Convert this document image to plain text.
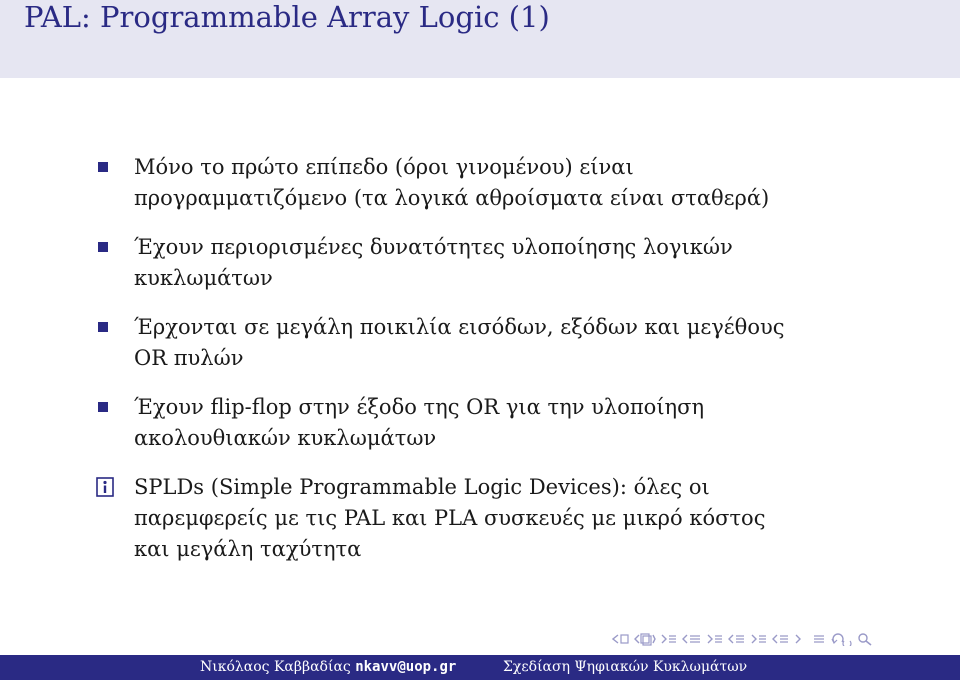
PAL: Programmable Array Logic (1)
Μόνο το πρώτο επίπεδο (όροι γινομένου) είναι
προγραμματιζόμενο (τα λογικά αθροίσματα είναι σταθερά)
Έχουν περιορισμένες δυνατότητες υλοποίησης λογικών
κυκλωμάτων
Έρχονται σε μεγάλη ποικιλία εισόδων, εξόδων και μεγέθους
OR πυλών
Έχουν flip-flop στην έξοδο της OR για την υλοποίηση
ακολουθιακών κυκλωμάτων
SPLDs (Simple Programmable Logic Devices): όλες οι
παρεμφερείς με τις PAL και PLA συσκευές με μικρό κόστος
και μεγάλη ταχύτητα
Νικόλαος Καββαδίας nkavv@uop.gr	Σχεδίαση Ψηφιακών Κυκλωμάτων
